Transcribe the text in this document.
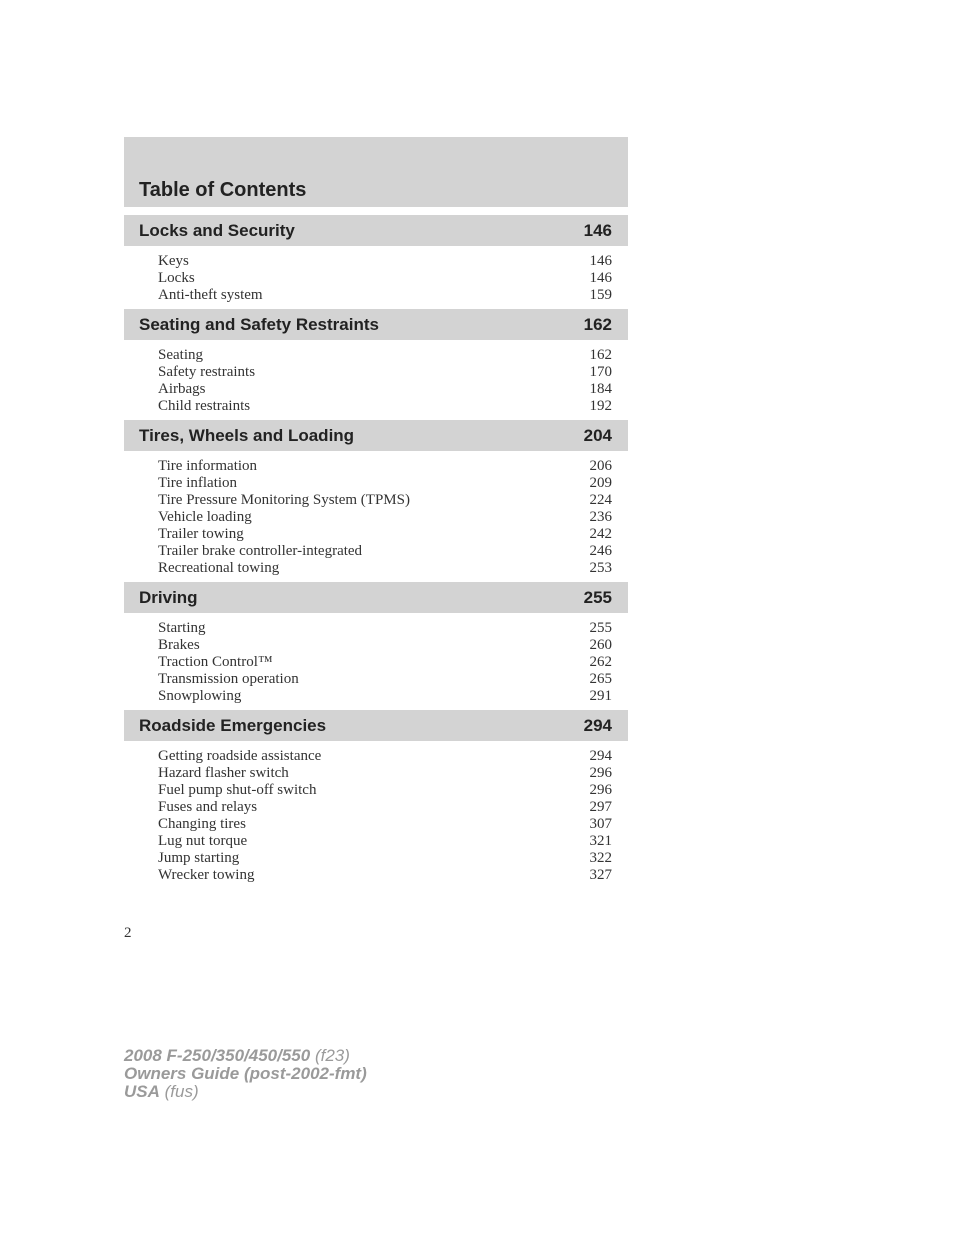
Table of Contents
Locks and Security	146
Keys	146
Locks	146
Anti-theft system	159
Seating and Safety Restraints	162
Seating	162
Safety restraints	170
Airbags	184
Child restraints	192
Tires, Wheels and Loading	204
Tire information	206
Tire inflation	209
Tire Pressure Monitoring System (TPMS)	224
Vehicle loading	236
Trailer towing	242
Trailer brake controller-integrated	246
Recreational towing	253
Driving	255
Starting	255
Brakes	260
Traction Control™	262
Transmission operation	265
Snowplowing	291
Roadside Emergencies	294
Getting roadside assistance	294
Hazard flasher switch	296
Fuel pump shut-off switch	296
Fuses and relays	297
Changing tires	307
Lug nut torque	321
Jump starting	322
Wrecker towing	327
2
2008 F-250/350/450/550 (f23)
Owners Guide (post-2002-fmt)
USA (fus)
